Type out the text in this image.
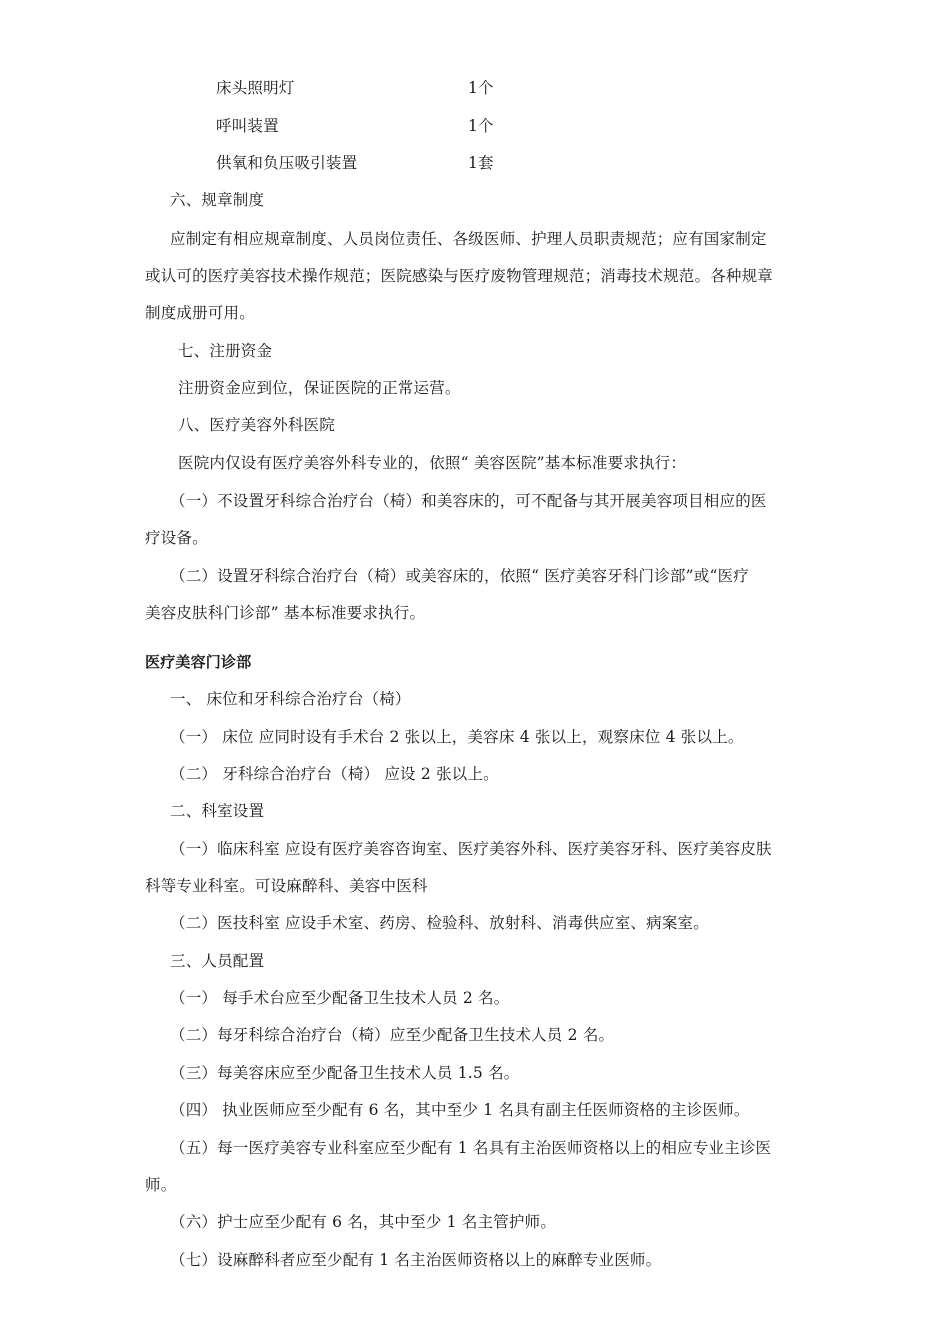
床头照明灯	1个
呼叫装置	1个
供氧和负压吸引装置	1套
六、规章制度
应制定有相应规章制度、人员岗位责任、各级医师、护理人员职责规范；应有国家制定
或认可的医疗美容技术操作规范；医院感染与医疗废物管理规范；消毒技术规范。各种规章
制度成册可用。
七、注册资金
注册资金应到位，保证医院的正常运营。
八、医疗美容外科医院
医院内仅设有医疗美容外科专业的，依照“ 美容医院”基本标准要求执行：
（一）不设置牙科综合治疗台（椅）和美容床的，可不配备与其开展美容项目相应的医
疗设备。
（二）设置牙科综合治疗台（椅）或美容床的，依照“ 医疗美容牙科门诊部”或“医疗
美容皮肤科门诊部” 基本标准要求执行。
医疗美容门诊部
一、 床位和牙科综合治疗台（椅）
（一） 床位 应同时设有手术台 2 张以上，美容床 4 张以上，观察床位 4 张以上。
（二） 牙科综合治疗台（椅） 应设 2 张以上。
二、科室设置
（一）临床科室 应设有医疗美容咨询室、医疗美容外科、医疗美容牙科、医疗美容皮肤
科等专业科室。可设麻醉科、美容中医科
（二）医技科室 应设手术室、药房、检验科、放射科、消毒供应室、病案室。
三、人员配置
（一） 每手术台应至少配备卫生技术人员 2 名。
（二）每牙科综合治疗台（椅）应至少配备卫生技术人员 2 名。
（三）每美容床应至少配备卫生技术人员 1.5 名。
（四） 执业医师应至少配有 6 名，其中至少 1 名具有副主任医师资格的主诊医师。
（五）每一医疗美容专业科室应至少配有 1 名具有主治医师资格以上的相应专业主诊医
师。
（六）护士应至少配有 6 名，其中至少 1 名主管护师。
（七）设麻醉科者应至少配有 1 名主治医师资格以上的麻醉专业医师。
